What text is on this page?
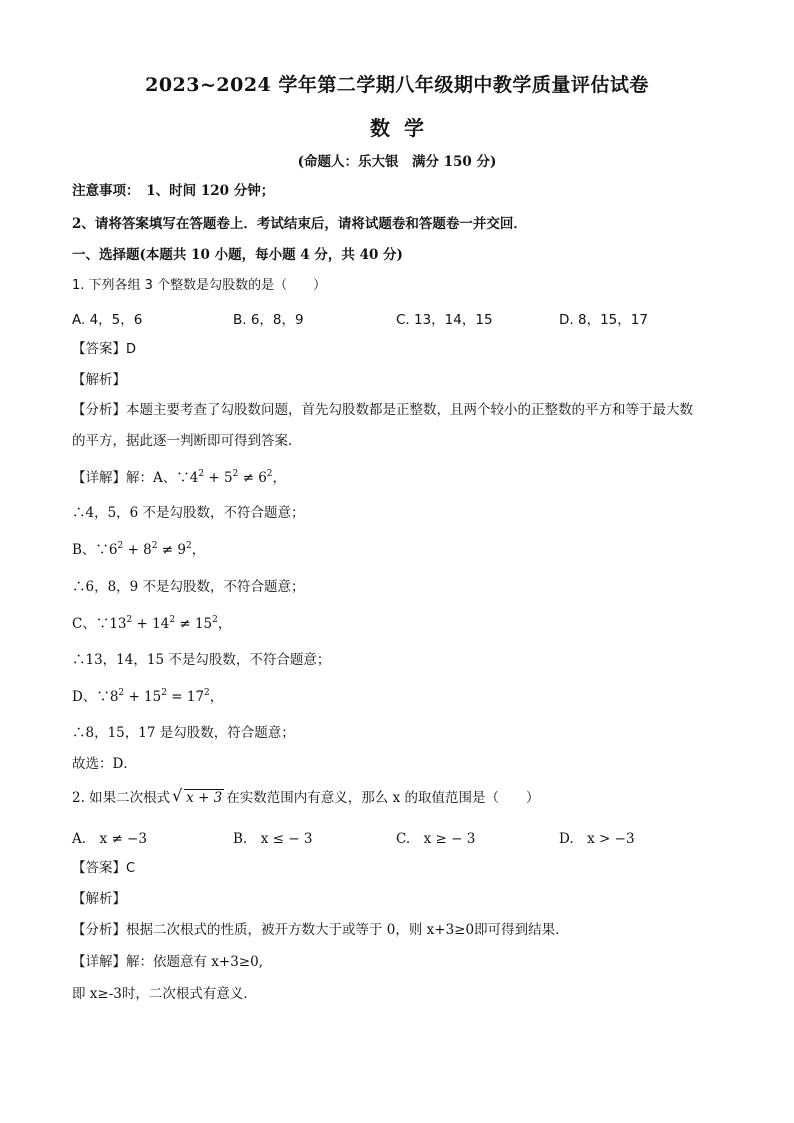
2023~2024 学年第二学期八年级期中教学质量评估试卷
数学
(命题人：乐大银　满分 150 分)
注意事项：　1、时间 120 分钟；
2、请将答案填写在答题卷上．考试结束后，请将试题卷和答题卷一并交回．
一、选择题(本题共 10 小题，每小题 4 分，共 40 分)
1. 下列各组 3 个整数是勾股数的是（　　）
A. 4，5，6	B. 6，8，9	C. 13，14，15	D. 8，15，17
【答案】D
【解析】
【分析】本题主要考查了勾股数问题，首先勾股数都是正整数，且两个较小的正整数的平方和等于最大数
的平方，据此逐一判断即可得到答案．
【详解】解：A、$\because 4^2 + 5^2 \ne 6^2$，
∴4，5，6 不是勾股数，不符合题意；
B、$\because 6^2 + 8^2 \ne 9^2$，
∴6，8，9 不是勾股数，不符合题意；
C、$\because 13^2 + 14^2 \ne 15^2$，
∴13，14，15 不是勾股数，不符合题意；
D、$\because 8^2 + 15^2 = 17^2$，
∴8，15，17 是勾股数，符合题意；
故选：D．
2. 如果二次根式 √ x + 3 在实数范围内有意义，那么 x 的取值范围是（　　）
A.　x ≠ −3	B.　x ≤ − 3	C.　x ≥ − 3	D.　x > −3
【答案】C
【解析】
【分析】根据二次根式的性质，被开方数大于或等于 0，则 x+3≥0即可得到结果．
【详解】解：依题意有 x+3≥0,
即 x≥-3时，二次根式有意义．
